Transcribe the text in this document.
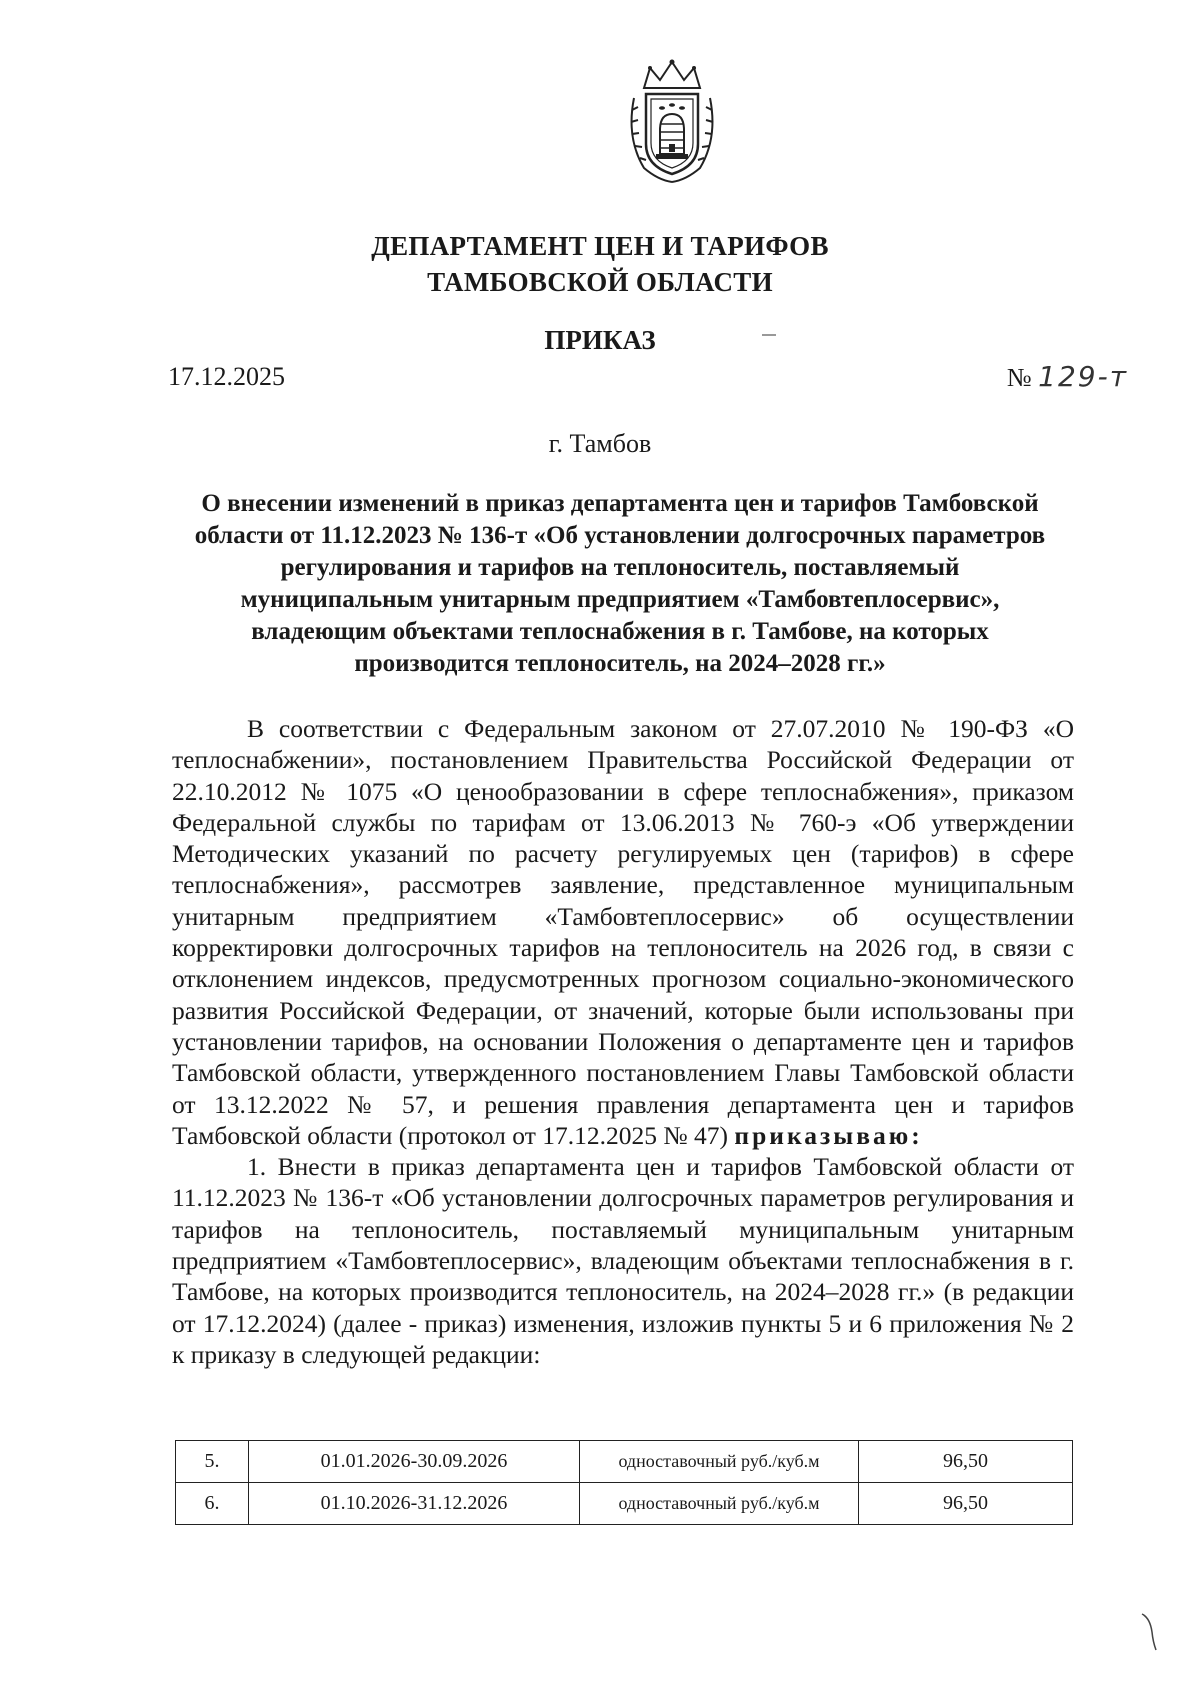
ДЕПАРТАМЕНТ ЦЕН И ТАРИФОВ
ТАМБОВСКОЙ ОБЛАСТИ
ПРИКАЗ
17.12.2025	№ 129-т
г. Тамбов
О внесении изменений в приказ департамента цен и тарифов Тамбовской
области от 11.12.2023 № 136-т «Об установлении долгосрочных параметров
регулирования и тарифов на теплоноситель, поставляемый
муниципальным унитарным предприятием «Тамбовтеплосервис»,
владеющим объектами теплоснабжения в г. Тамбове, на которых
производится теплоноситель, на 2024–2028 гг.»

В соответствии с Федеральным законом от 27.07.2010 № 190-ФЗ «О теплоснабжении», постановлением Правительства Российской Федерации от 22.10.2012 № 1075 «О ценообразовании в сфере теплоснабжения», приказом Федеральной службы по тарифам от 13.06.2013 № 760-э «Об утверждении Методических указаний по расчету регулируемых цен (тарифов) в сфере теплоснабжения», рассмотрев заявление, представленное муниципальным унитарным предприятием «Тамбовтеплосервис» об осуществлении корректировки долгосрочных тарифов на теплоноситель на 2026 год, в связи с отклонением индексов, предусмотренных прогнозом социально-экономического развития Российской Федерации, от значений, которые были использованы при установлении тарифов, на основании Положения о департаменте цен и тарифов Тамбовской области, утвержденного постановлением Главы Тамбовской области от 13.12.2022 № 57, и решения правления департамента цен и тарифов Тамбовской области (протокол от 17.12.2025 № 47) приказываю:

1. Внести в приказ департамента цен и тарифов Тамбовской области от 11.12.2023 № 136-т «Об установлении долгосрочных параметров регулирования и тарифов на теплоноситель, поставляемый муниципальным унитарным предприятием «Тамбовтеплосервис», владеющим объектами теплоснабжения в г. Тамбове, на которых производится теплоноситель, на 2024–2028 гг.» (в редакции от 17.12.2024) (далее - приказ) изменения, изложив пункты 5 и 6 приложения № 2 к приказу в следующей редакции:

5.	01.01.2026-30.09.2026	одноставочный руб./куб.м	96,50
6.	01.10.2026-31.12.2026	одноставочный руб./куб.м	96,50
